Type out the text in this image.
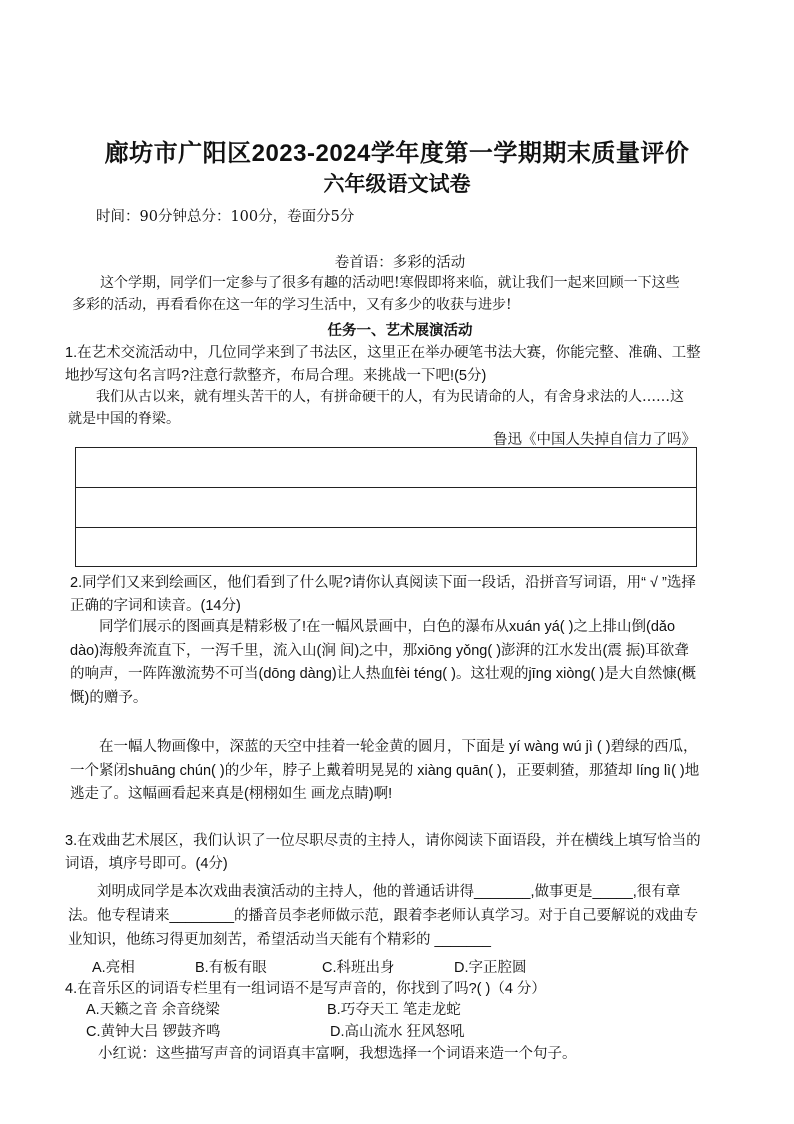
廊坊市广阳区2023-2024学年度第一学期期末质量评价
六年级语文试卷
时间：90分钟总分：100分，卷面分5分
卷首语：多彩的活动
这个学期，同学们一定参与了很多有趣的活动吧!寒假即将来临，就让我们一起来回顾一下这些多彩的活动，再看看你在这一年的学习生活中，又有多少的收获与进步!
任务一、艺术展演活动
1.在艺术交流活动中，几位同学来到了书法区，这里正在举办硬笔书法大赛，你能完整、准确、工整地抄写这句名言吗?注意行款整齐，布局合理。来挑战一下吧!(5分)
我们从古以来，就有埋头苦干的人，有拼命硬干的人，有为民请命的人，有舍身求法的人……这就是中国的脊梁。
鲁迅《中国人失掉自信力了吗》
2.同学们又来到绘画区，他们看到了什么呢?请你认真阅读下面一段话，沿拼音写词语，用“ √ ”选择正确的字词和读音。(14分)
同学们展示的图画真是精彩极了!在一幅风景画中，白色的瀑布从xuán yá( )之上排山倒(dǎo dào)海般奔流直下，一泻千里，流入山(涧 间)之中，那xiōng yǒng( )澎湃的江水发出(震 振)耳欲聋的响声，一阵阵激流势不可当(dōng dàng)让人热血fèi téng( )。这壮观的jīng xiòng( )是大自然慷(概慨)的赠予。
在一幅人物画像中，深蓝的天空中挂着一轮金黄的圆月，下面是 yí wàng wú jì ( )碧绿的西瓜，一个紧闭shuāng chún( )的少年，脖子上戴着明晃晃的 xiàng quān( )，正要刺猹，那猹却 líng lì( )地逃走了。这幅画看起来真是(栩栩如生 画龙点睛)啊!
3.在戏曲艺术展区，我们认识了一位尽职尽责的主持人，请你阅读下面语段，并在横线上填写恰当的词语，填序号即可。(4分)
刘明成同学是本次戏曲表演活动的主持人，他的普通话讲得_______,做事更是_____,很有章法。他专程请来________的播音员李老师做示范，跟着李老师认真学习。对于自己要解说的戏曲专业知识，他练习得更加刻苦，希望活动当天能有个精彩的 _______
A.亮相	B.有板有眼	C.科班出身	D.字正腔圆
4.在音乐区的词语专栏里有一组词语不是写声音的，你找到了吗?( )（4 分）
A.天籁之音 余音绕梁	B.巧夺天工 笔走龙蛇
C.黄钟大吕 锣鼓齐鸣	D.高山流水 狂风怒吼
小红说：这些描写声音的词语真丰富啊，我想选择一个词语来造一个句子。
